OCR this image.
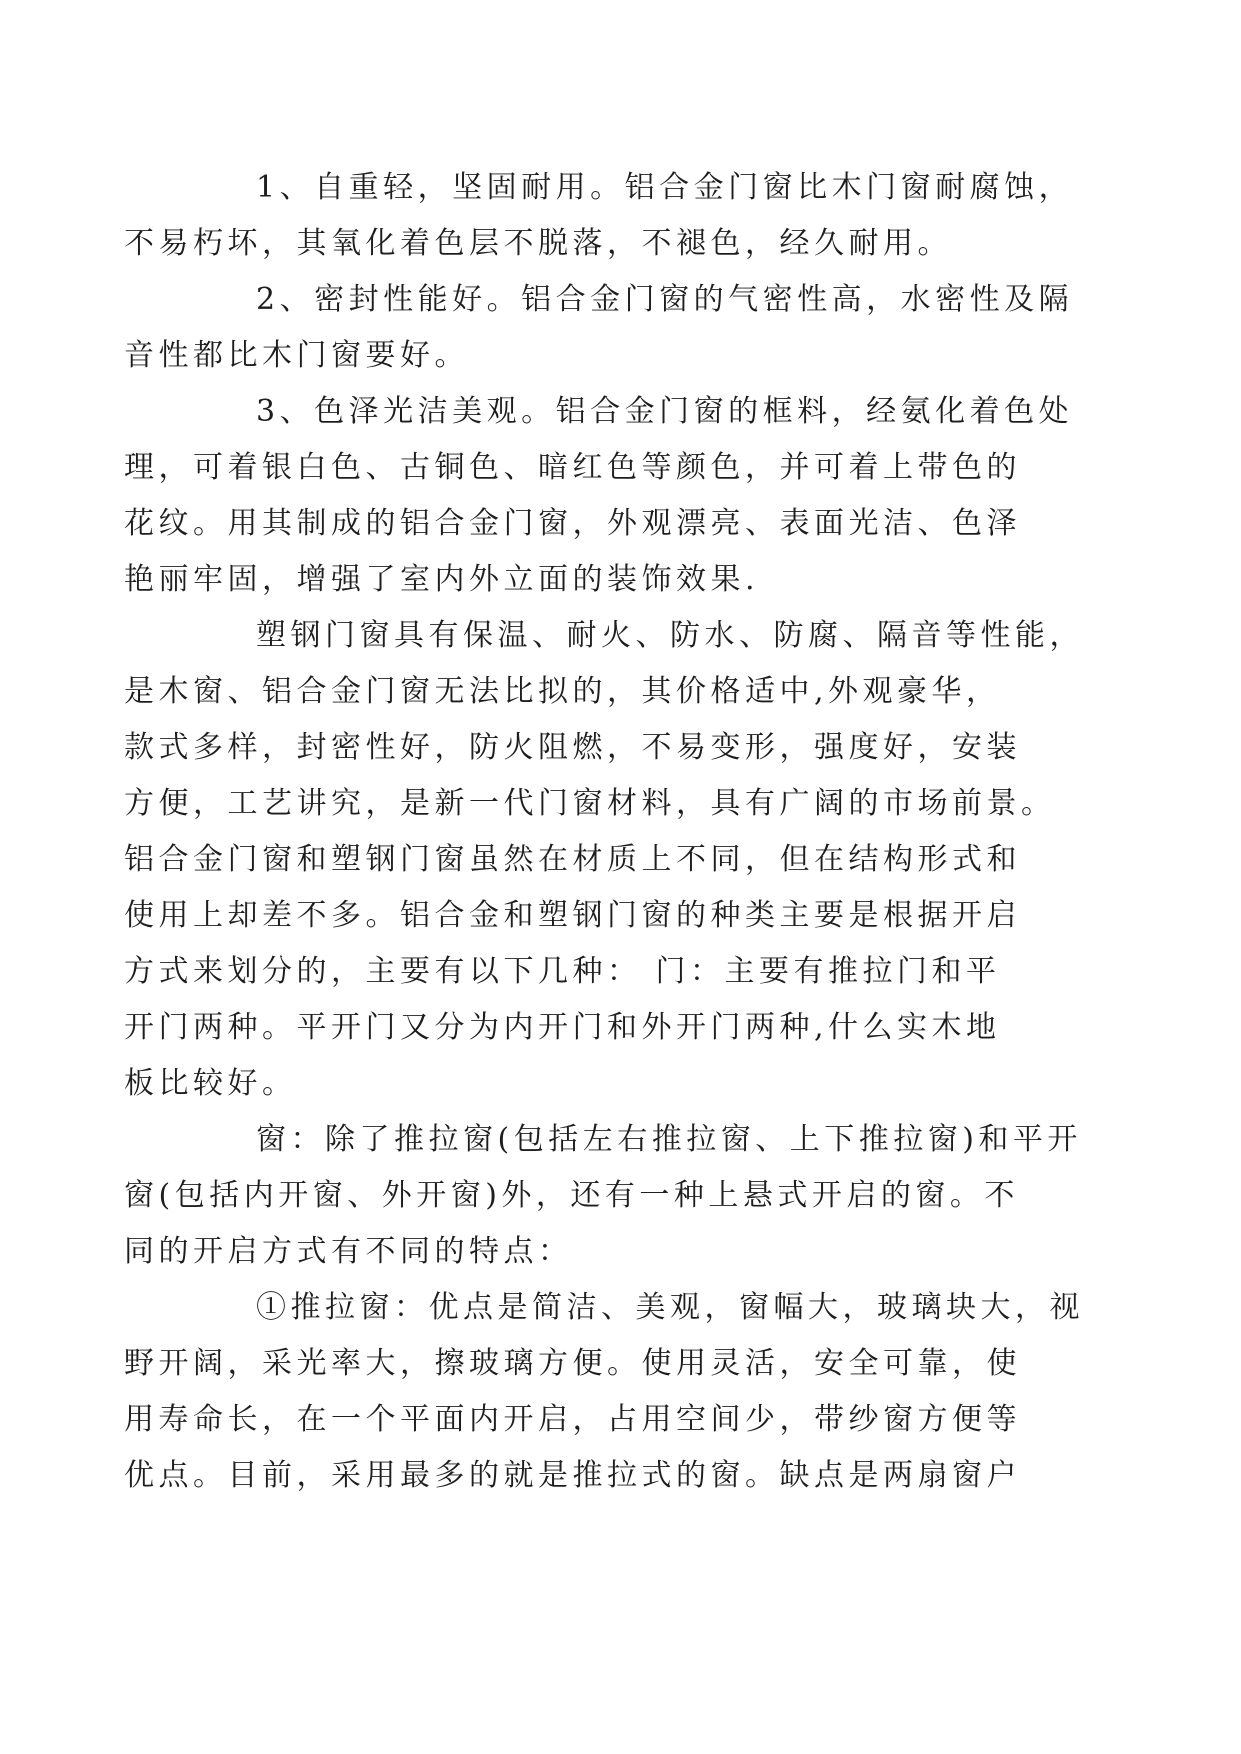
1、自重轻，坚固耐用。铝合金门窗比木门窗耐腐蚀，
不易朽坏，其氧化着色层不脱落，不褪色，经久耐用。

2、密封性能好。铝合金门窗的气密性高，水密性及隔
音性都比木门窗要好。

3、色泽光洁美观。铝合金门窗的框料，经氨化着色处
理，可着银白色、古铜色、暗红色等颜色，并可着上带色的
花纹。用其制成的铝合金门窗，外观漂亮、表面光洁、色泽
艳丽牢固，增强了室内外立面的装饰效果.

塑钢门窗具有保温、耐火、防水、防腐、隔音等性能，
是木窗、铝合金门窗无法比拟的，其价格适中,外观豪华，
款式多样，封密性好，防火阻燃，不易变形，强度好，安装
方便，工艺讲究，是新一代门窗材料，具有广阔的市场前景。
铝合金门窗和塑钢门窗虽然在材质上不同，但在结构形式和
使用上却差不多。铝合金和塑钢门窗的种类主要是根据开启
方式来划分的，主要有以下几种： 门：主要有推拉门和平
开门两种。平开门又分为内开门和外开门两种,什么实木地
板比较好。

窗：除了推拉窗(包括左右推拉窗、上下推拉窗)和平开
窗(包括内开窗、外开窗)外，还有一种上悬式开启的窗。不
同的开启方式有不同的特点：

①推拉窗：优点是简洁、美观，窗幅大，玻璃块大，视
野开阔，采光率大，擦玻璃方便。使用灵活，安全可靠，使
用寿命长，在一个平面内开启，占用空间少，带纱窗方便等
优点。目前，采用最多的就是推拉式的窗。缺点是两扇窗户
